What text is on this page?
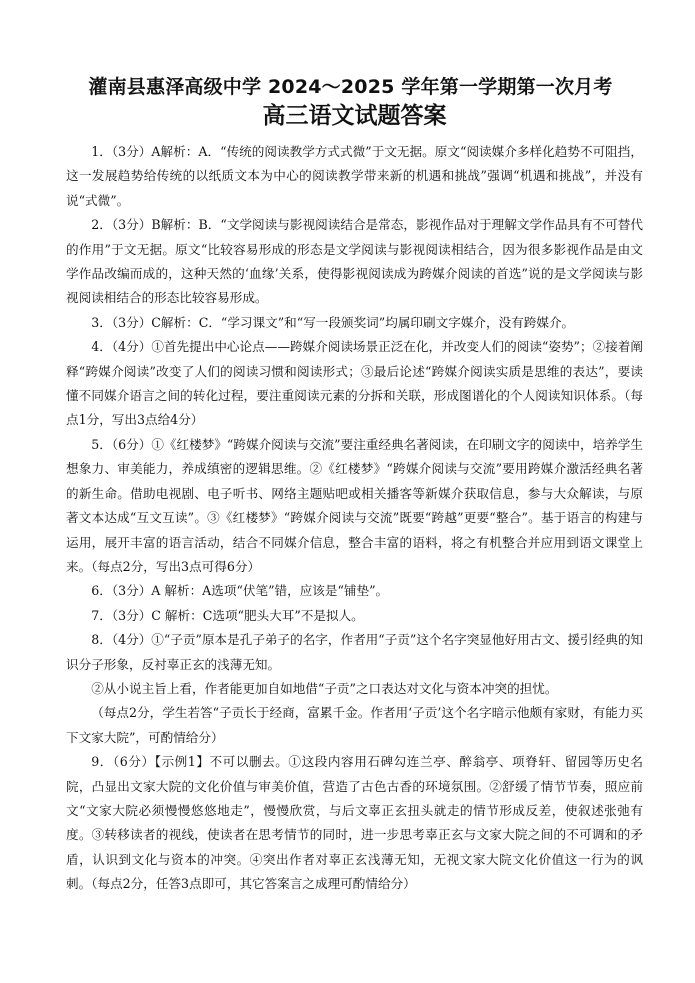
灌南县惠泽高级中学 2024～2025 学年第一学期第一次月考
高三语文试题答案

1．（3分）A解析：A．“传统的阅读教学方式式微”于文无据。原文“阅读媒介多样化趋势不可阻挡，这一发展趋势给传统的以纸质文本为中心的阅读教学带来新的机遇和挑战”强调“机遇和挑战”，并没有说“式微”。

2．（3分）B解析：B．“文学阅读与影视阅读结合是常态，影视作品对于理解文学作品具有不可替代的作用”于文无据。原文“比较容易形成的形态是文学阅读与影视阅读相结合，因为很多影视作品是由文学作品改编而成的，这种天然的‘血缘’关系，使得影视阅读成为跨媒介阅读的首选”说的是文学阅读与影视阅读相结合的形态比较容易形成。

3．（3分）C解析：C．“学习课文”和“写一段颁奖词”均属印刷文字媒介，没有跨媒介。

4．（4分）①首先提出中心论点——跨媒介阅读场景正泛在化，并改变人们的阅读“姿势”；②接着阐释“跨媒介阅读”改变了人们的阅读习惯和阅读形式；③最后论述“跨媒介阅读实质是思维的表达”，要读懂不同媒介语言之间的转化过程，要注重阅读元素的分拆和关联，形成图谱化的个人阅读知识体系。（每点1分，写出3点给4分）

5．（6分）①《红楼梦》“跨媒介阅读与交流”要注重经典名著阅读，在印刷文字的阅读中，培养学生想象力、审美能力，养成缜密的逻辑思维。②《红楼梦》“跨媒介阅读与交流”要用跨媒介激活经典名著的新生命。借助电视剧、电子听书、网络主题贴吧或相关播客等新媒介获取信息，参与大众解读，与原著文本达成“互文互读”。③《红楼梦》“跨媒介阅读与交流”既要“跨越”更要“整合”。基于语言的构建与运用，展开丰富的语言活动，结合不同媒介信息，整合丰富的语料，将之有机整合并应用到语文课堂上来。（每点2分，写出3点可得6分）

6．（3分）A 解析：A选项“伏笔”错，应该是“铺垫”。

7．（3分）C 解析：C选项“肥头大耳”不是拟人。

8．（4分）①“子贡”原本是孔子弟子的名字，作者用“子贡”这个名字突显他好用古文、援引经典的知识分子形象，反衬辜正玄的浅薄无知。

②从小说主旨上看，作者能更加自如地借“子贡”之口表达对文化与资本冲突的担忧。

（每点2分，学生若答“子贡长于经商，富累千金。作者用‘子贡’这个名字暗示他颇有家财，有能力买下文家大院”，可酌情给分）

9．（6分）【示例1】不可以删去。①这段内容用石碑勾连兰亭、醉翁亭、项脊轩、留园等历史名院，凸显出文家大院的文化价值与审美价值，营造了古色古香的环境氛围。②舒缓了情节节奏，照应前文“文家大院必须慢慢悠悠地走”，慢慢欣赏，与后文辜正玄扭头就走的情节形成反差，使叙述张弛有度。③转移读者的视线，使读者在思考情节的同时，进一步思考辜正玄与文家大院之间的不可调和的矛盾，认识到文化与资本的冲突。④突出作者对辜正玄浅薄无知，无视文家大院文化价值这一行为的讽刺。（每点2分，任答3点即可，其它答案言之成理可酌情给分）
